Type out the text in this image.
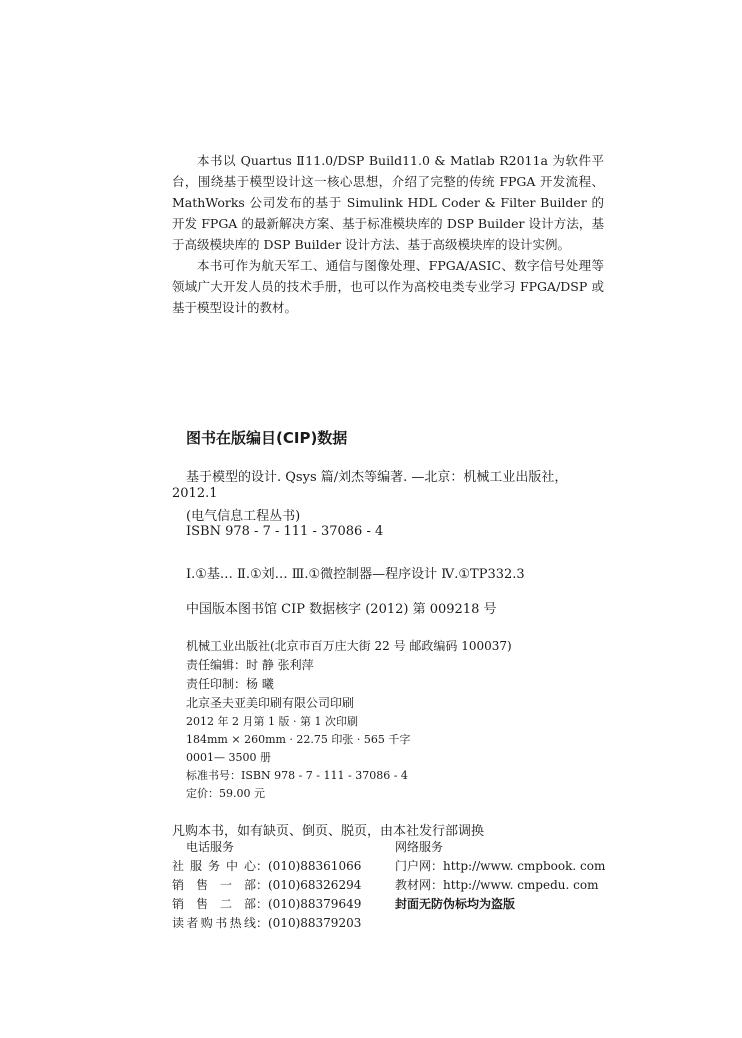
本书以 Quartus Ⅱ11.0/DSP Build11.0 & Matlab R2011a 为软件平台，围绕基于模型设计这一核心思想，介绍了完整的传统 FPGA 开发流程、MathWorks 公司发布的基于 Simulink HDL Coder & Filter Builder 的开发 FPGA 的最新解决方案、基于标准模块库的 DSP Builder 设计方法，基于高级模块库的 DSP Builder 设计方法、基于高级模块库的设计实例。

本书可作为航天军工、通信与图像处理、FPGA/ASIC、数字信号处理等领域广大开发人员的技术手册，也可以作为高校电类专业学习 FPGA/DSP 或基于模型设计的教材。

图书在版编目(CIP)数据
基于模型的设计. Qsys 篇/刘杰等编著. —北京：机械工业出版社，
2012.1
(电气信息工程丛书)
ISBN 978 - 7 - 111 - 37086 - 4
Ⅰ.①基… Ⅱ.①刘… Ⅲ.①微控制器—程序设计 Ⅳ.①TP332.3
中国版本图书馆 CIP 数据核字 (2012) 第 009218 号
机械工业出版社(北京市百万庄大街 22 号 邮政编码 100037)
责任编辑：时 静 张利萍
责任印制：杨 曦
北京圣夫亚美印刷有限公司印刷
2012 年 2 月第 1 版 · 第 1 次印刷
184mm × 260mm · 22.75 印张 · 565 千字
0001— 3500 册
标准书号：ISBN 978 - 7 - 111 - 37086 - 4
定价：59.00 元
凡购本书，如有缺页、倒页、脱页，由本社发行部调换
电话服务	网络服务
社服务中心：(010)88361066	门户网：http://www. cmpbook. com
销售一部：(010)68326294	教材网：http://www. cmpedu. com
销售二部：(010)88379649	封面无防伪标均为盗版
读者购书热线：(010)88379203
